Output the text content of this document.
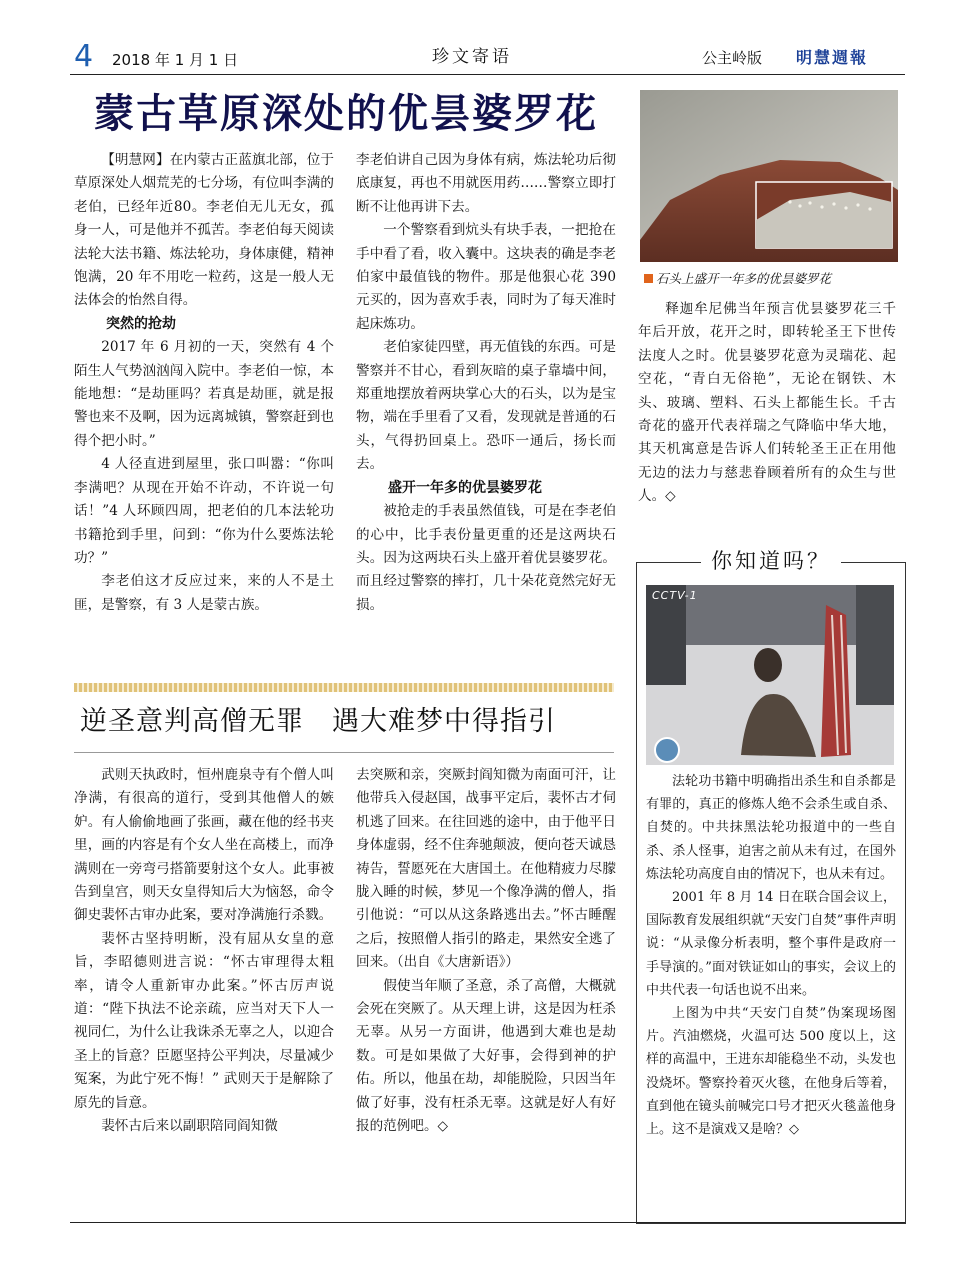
4 2018 年 1 月 1 日	珍文寄语	公主岭版 明慧週報
蒙古草原深处的优昙婆罗花

【明慧网】在内蒙古正蓝旗北部，位于草原深处人烟荒芜的七分场，有位叫李满的老伯，已经年近80。李老伯无儿无女，孤身一人，可是他并不孤苦。李老伯每天阅读法轮大法书籍、炼法轮功，身体康健，精神饱满，20 年不用吃一粒药，这是一般人无法体会的怡然自得。

突然的抢劫

2017 年 6 月初的一天，突然有 4 个陌生人气势汹汹闯入院中。李老伯一惊，本能地想：“是劫匪吗？若真是劫匪，就是报警也来不及啊，因为远离城镇，警察赶到也得个把小时。”

4 人径直进到屋里，张口叫嚣：“你叫李满吧？从现在开始不许动，不许说一句话！”4 人环顾四周，把老伯的几本法轮功书籍抢到手里，问到：“你为什么要炼法轮功？”

李老伯这才反应过来，来的人不是土匪，是警察，有 3 人是蒙古族。

李老伯讲自己因为身体有病，炼法轮功后彻底康复，再也不用就医用药……警察立即打断不让他再讲下去。

一个警察看到炕头有块手表，一把抢在手中看了看，收入囊中。这块表的确是李老伯家中最值钱的物件。那是他狠心花 390 元买的，因为喜欢手表，同时为了每天准时起床炼功。

老伯家徒四壁，再无值钱的东西。可是警察并不甘心，看到灰暗的桌子靠墙中间，郑重地摆放着两块掌心大的石头，以为是宝物，端在手里看了又看，发现就是普通的石头，气得扔回桌上。恐吓一通后，扬长而去。

盛开一年多的优昙婆罗花

被抢走的手表虽然值钱，可是在李老伯的心中，比手表份量更重的还是这两块石头。因为这两块石头上盛开着优昙婆罗花。而且经过警察的摔打，几十朵花竟然完好无损。

石头上盛开一年多的优昙婆罗花

释迦牟尼佛当年预言优昙婆罗花三千年后开放，花开之时，即转轮圣王下世传法度人之时。优昙婆罗花意为灵瑞花、起空花，“青白无俗艳”，无论在钢铁、木头、玻璃、塑料、石头上都能生长。千古奇花的盛开代表祥瑞之气降临中华大地，其天机寓意是告诉人们转轮圣王正在用他无边的法力与慈悲眷顾着所有的众生与世人。◇

逆圣意判高僧无罪　遇大难梦中得指引

武则天执政时，恒州鹿泉寺有个僧人叫净满，有很高的道行，受到其他僧人的嫉妒。有人偷偷地画了张画，藏在他的经书夹里，画的内容是有个女人坐在高楼上，而净满则在一旁弯弓搭箭要射这个女人。此事被告到皇宫，则天女皇得知后大为恼怒，命令御史裴怀古审办此案，要对净满施行杀戮。

裴怀古坚持明断，没有屈从女皇的意旨，李昭德则进言说：“怀古审理得太粗率，请令人重新审办此案。”怀古厉声说道：“陛下执法不论亲疏，应当对天下人一视同仁，为什么让我诛杀无辜之人，以迎合圣上的旨意？臣愿坚持公平判决，尽量减少冤案，为此宁死不悔！” 武则天于是解除了原先的旨意。

裴怀古后来以副职陪同阎知微

去突厥和亲，突厥封阎知微为南面可汗，让他带兵入侵赵国，战事平定后，裴怀古才伺机逃了回来。在往回逃的途中，由于他平日身体虚弱，经不住奔驰颠波，便向苍天诚恳祷告，誓愿死在大唐国土。在他精疲力尽朦胧入睡的时候，梦见一个像净满的僧人，指引他说：“可以从这条路逃出去。”怀古睡醒之后，按照僧人指引的路走，果然安全逃了回来。（出自《大唐新语》）

假使当年顺了圣意，杀了高僧，大概就会死在突厥了。从天理上讲，这是因为枉杀无辜。从另一方面讲，他遇到大难也是劫数。可是如果做了大好事，会得到神的护佑。所以，他虽在劫，却能脱险，只因当年做了好事，没有枉杀无辜。这就是好人有好报的范例吧。◇

你知道吗？
CCTV-1

法轮功书籍中明确指出杀生和自杀都是有罪的，真正的修炼人绝不会杀生或自杀、自焚的。中共抹黑法轮功报道中的一些自杀、杀人怪事，迫害之前从未有过，在国外炼法轮功高度自由的情况下，也从未有过。

2001 年 8 月 14 日在联合国会议上，国际教育发展组织就“天安门自焚”事件声明说：“从录像分析表明，整个事件是政府一手导演的。”面对铁证如山的事实，会议上的中共代表一句话也说不出来。

上图为中共“天安门自焚”伪案现场图片。汽油燃烧，火温可达 500 度以上，这样的高温中，王进东却能稳坐不动，头发也没烧坏。警察拎着灭火毯，在他身后等着，直到他在镜头前喊完口号才把灭火毯盖他身上。这不是演戏又是啥？◇
